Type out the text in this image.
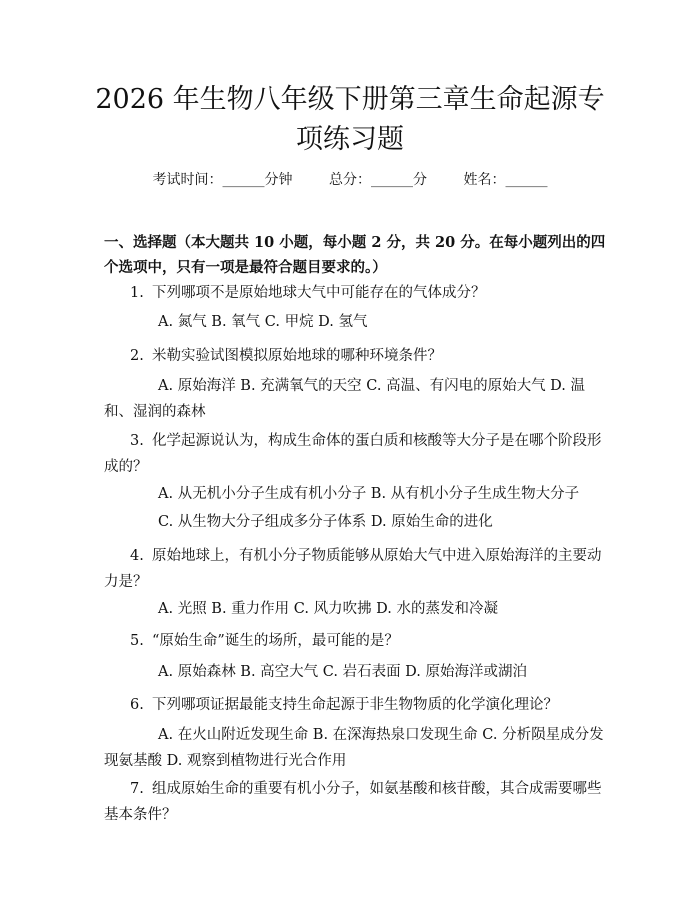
2026 年生物八年级下册第三章生命起源专项练习题
考试时间：______分钟	总分：______分	姓名：______
一、选择题（本大题共 10 小题，每小题 2 分，共 20 分。在每小题列出的四个选项中，只有一项是最符合题目要求的。）
1. 下列哪项不是原始地球大气中可能存在的气体成分？
A. 氮气 B. 氧气 C. 甲烷 D. 氢气
2. 米勒实验试图模拟原始地球的哪种环境条件？
A. 原始海洋 B. 充满氧气的天空 C. 高温、有闪电的原始大气 D. 温和、湿润的森林
3. 化学起源说认为，构成生命体的蛋白质和核酸等大分子是在哪个阶段形成的？
A. 从无机小分子生成有机小分子 B. 从有机小分子生成生物大分子
C. 从生物大分子组成多分子体系 D. 原始生命的进化
4. 原始地球上，有机小分子物质能够从原始大气中进入原始海洋的主要动力是？
A. 光照 B. 重力作用 C. 风力吹拂 D. 水的蒸发和冷凝
5. “原始生命”诞生的场所，最可能的是？
A. 原始森林 B. 高空大气 C. 岩石表面 D. 原始海洋或湖泊
6. 下列哪项证据最能支持生命起源于非生物物质的化学演化理论？
A. 在火山附近发现生命 B. 在深海热泉口发现生命 C. 分析陨星成分发现氨基酸 D. 观察到植物进行光合作用
7. 组成原始生命的重要有机小分子，如氨基酸和核苷酸，其合成需要哪些基本条件？
